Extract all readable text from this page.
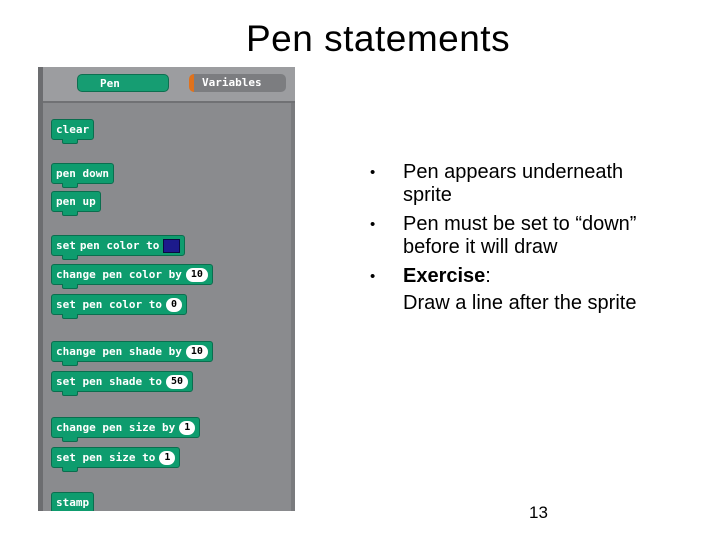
Pen statements
Pen	Variables
clear
pen down
pen up
set pen color to
change pen color by 10
set pen color to 0
change pen shade by 10
set pen shade to 50
change pen size by 1
set pen size to 1
stamp
• Pen appears underneath sprite
• Pen must be set to “down” before it will draw
• Exercise:
Draw a line after the sprite
13
